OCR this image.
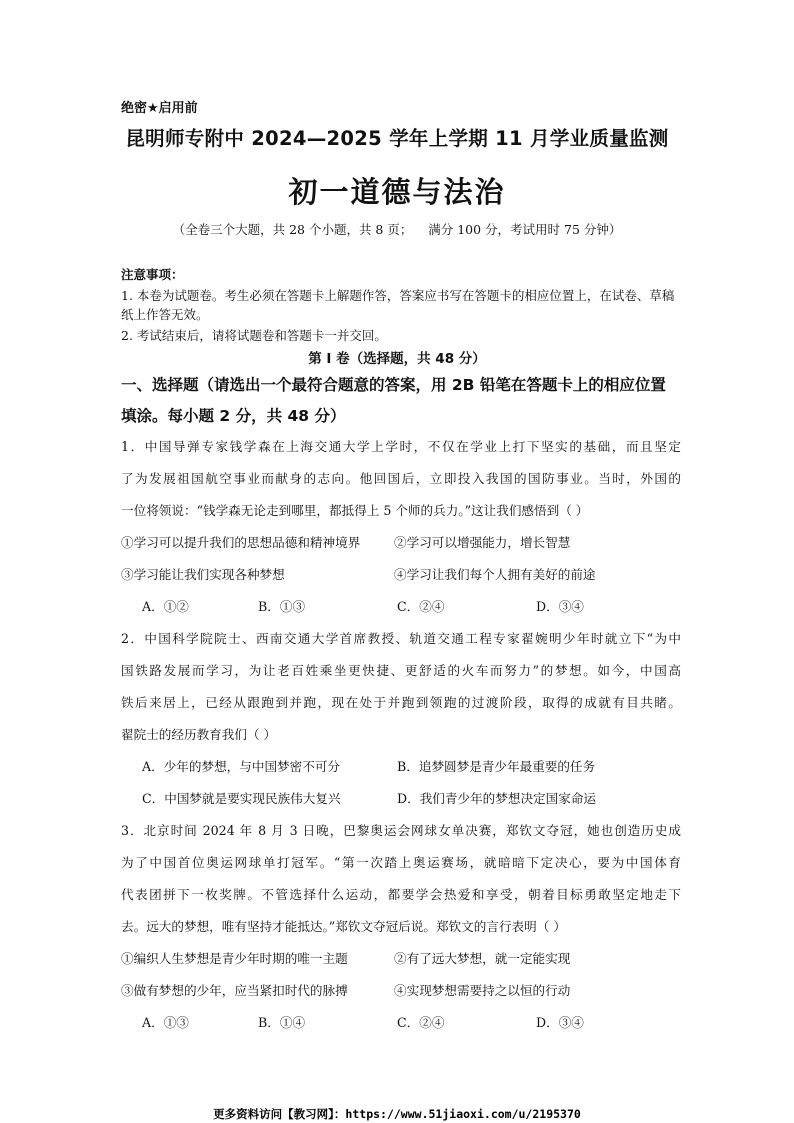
绝密★启用前
昆明师专附中 2024—2025 学年上学期 11 月学业质量监测
初一道德与法治
（全卷三个大题，共 28 个小题，共 8 页；    满分 100 分，考试用时 75 分钟）
注意事项：
1. 本卷为试题卷。考生必须在答题卡上解题作答，答案应书写在答题卡的相应位置上，在试卷、草稿纸上作答无效。
2. 考试结束后，请将试题卷和答题卡一并交回。
第 I 卷（选择题，共 48 分）
一、选择题（请选出一个最符合题意的答案，用 2B 铅笔在答题卡上的相应位置填涂。每小题 2 分，共 48 分）
1．中国导弹专家钱学森在上海交通大学上学时，不仅在学业上打下坚实的基础，而且坚定
了为发展祖国航空事业而献身的志向。他回国后，立即投入我国的国防事业。当时，外国的
一位将领说：“钱学森无论走到哪里，都抵得上 5 个师的兵力。”这让我们感悟到（ ）
①学习可以提升我们的思想品德和精神境界	②学习可以增强能力，增长智慧
③学习能让我们实现各种梦想	④学习让我们每个人拥有美好的前途
A．①②	B．①③	C．②④	D．③④
2．中国科学院院士、西南交通大学首席教授、轨道交通工程专家翟婉明少年时就立下“为中
国铁路发展而学习，为让老百姓乘坐更快捷、更舒适的火车而努力”的梦想。如今，中国高
铁后来居上，已经从跟跑到并跑，现在处于并跑到领跑的过渡阶段，取得的成就有目共睹。
翟院士的经历教育我们（ ）
A．少年的梦想，与中国梦密不可分	B．追梦圆梦是青少年最重要的任务
C．中国梦就是要实现民族伟大复兴	D．我们青少年的梦想决定国家命运
3．北京时间 2024 年 8 月 3 日晚，巴黎奥运会网球女单决赛，郑钦文夺冠，她也创造历史成
为了中国首位奥运网球单打冠军。“第一次踏上奥运赛场，就暗暗下定决心，要为中国体育
代表团拼下一枚奖牌。不管选择什么运动，都要学会热爱和享受，朝着目标勇敢坚定地走下
去。远大的梦想，唯有坚持才能抵达。”郑钦文夺冠后说。郑钦文的言行表明（ ）
①编织人生梦想是青少年时期的唯一主题	②有了远大梦想，就一定能实现
③做有梦想的少年，应当紧扣时代的脉搏	④实现梦想需要持之以恒的行动
A．①③	B．①④	C．②④	D．③④
更多资料访问【教习网】：https://www.51jiaoxi.com/u/2195370
